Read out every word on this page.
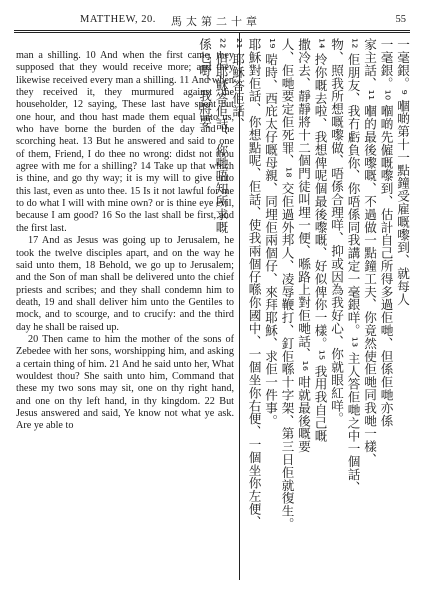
MATTHEW, 20.	馬太第二十章	55

man a shilling. 10 And when the first came, they supposed that they would receive more; and they likewise received every man a shilling. 11 And when they received it, they murmured against the householder, 12 saying, These last have spent but one hour, and thou hast made them equal unto us, who have borne the burden of the day and the scorching heat. 13 But he answered and said to one of them, Friend, I do thee no wrong: didst not thou agree with me for a shilling? 14 Take up that which is thine, and go thy way; it is my will to give unto this last, even as unto thee. 15 Is it not lawful for me to do what I will with mine own? or is thine eye evil, because I am good? 16 So the last shall be first, and the first last.

17 And as Jesus was going up to Jerusalem, he took the twelve disciples apart, and on the way he said unto them, 18 Behold, we go up to Jerusalem; and the Son of man shall be delivered unto the chief priests and scribes; and they shall condemn him to death, 19 and shall deliver him unto the Gentiles to mock, and to scourge, and to crucify: and the third day he shall be raised up.

20 Then came to him the mother of the sons of Zebedee with her sons, worshipping him, and asking a certain thing of him. 21 And he said unto her, What wouldest thou? She saith unto him, Command that these my two sons may sit, one on thy right hand, and one on thy left hand, in thy kingdom. 22 But Jesus answered and said, Ye know not what ye ask. Are ye able to

一毫銀。⁹ 嗰啲第十一點鐘受雇嘅嚟到、就每人
一毫銀。¹⁰ 嗰啲先僱嘅嚟到、估計自己所得多過佢哋、但係佢哋亦係
家主話、¹¹ 嗰的最後嚟嘅、不過做一點鐘工夫、你竟然使佢哋同我哋一樣、
¹² 佢朋友、我冇虧負你、你唔係同我講定一毫銀咩。¹³ 主人答佢哋之中一個話、
物、照我所想嘅嚟做、唔係合理咩、抑或因為我好心、你就眼紅咩。
¹⁴ 拎你嘅去啦、我想俾呢個最後嚟嘅、好似俾你一樣。¹⁵ 我用我自己嘅
撒冷去、靜靜將十二個門徒叫埋一便、喺路上對佢哋話、¹⁶ 咁就最後嘅要
人、佢哋要定佢死罪、¹⁸ 交佢過外邦人、凌辱鞭打、釘佢喺十字架、第三日佢就復生。
¹⁹ 啱時、西庇太仔嘅母親、同埋佢兩個仔、來拜耶穌、求佢一件事。
耶穌對佢話、你想點呢、佢話、使我兩個仔喺你國中、一個坐你右便、一個坐你左便、
²¹ 耶穌答佢話、
²² 但耶穌答佢話、你哋唔知所求嘅
係乜嘢、我將要
